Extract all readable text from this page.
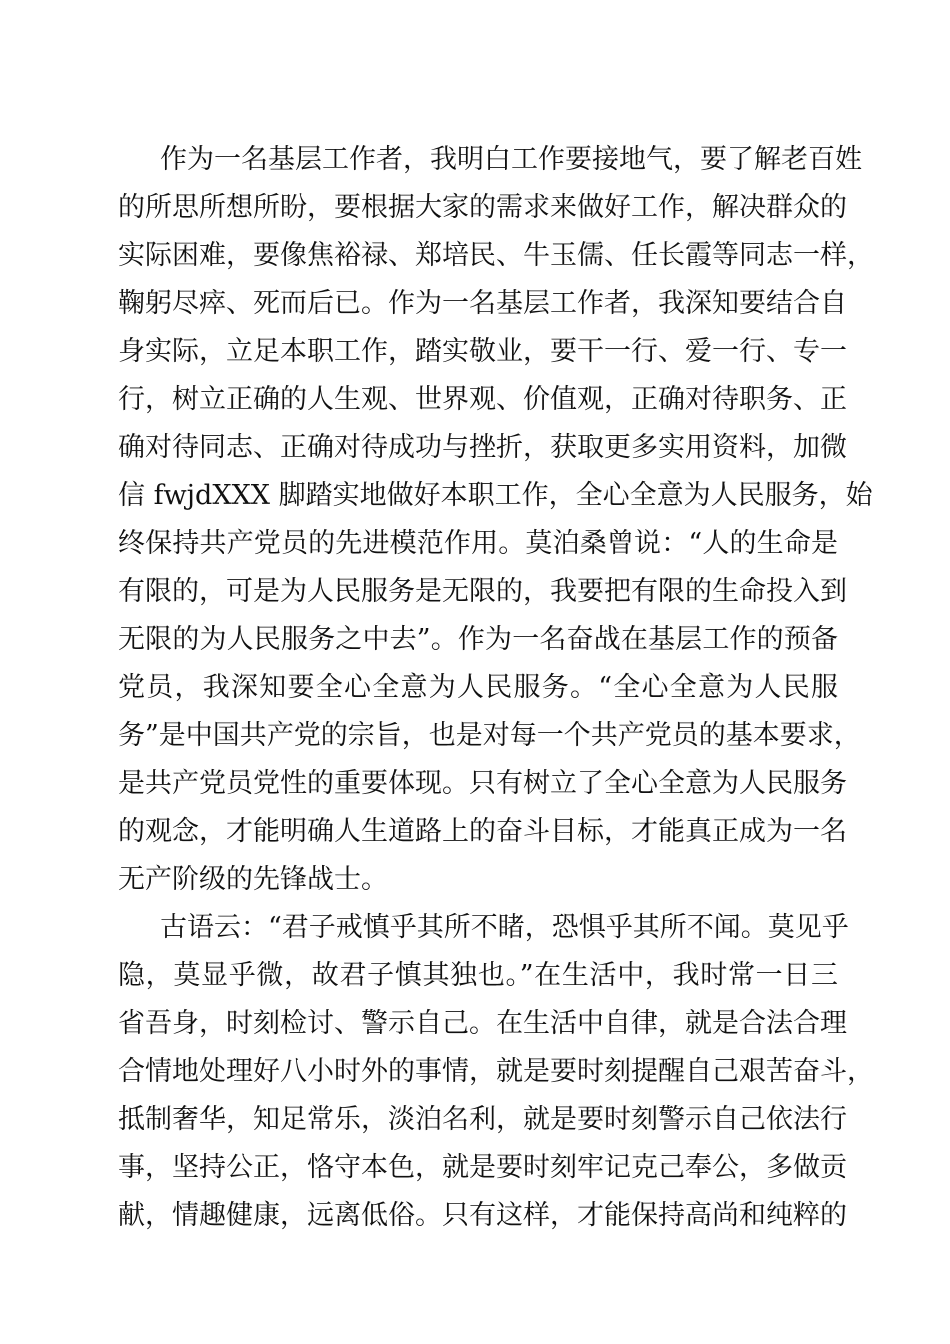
作为一名基层工作者，我明白工作要接地气，要了解老百姓
的所思所想所盼，要根据大家的需求来做好工作，解决群众的
实际困难，要像焦裕禄、郑培民、牛玉儒、任长霞等同志一样，
鞠躬尽瘁、死而后已。作为一名基层工作者，我深知要结合自
身实际，立足本职工作，踏实敬业，要干一行、爱一行、专一
行，树立正确的人生观、世界观、价值观，正确对待职务、正
确对待同志、正确对待成功与挫折，获取更多实用资料，加微
信 fwjdXXX 脚踏实地做好本职工作，全心全意为人民服务，始
终保持共产党员的先进模范作用。莫泊桑曾说：“人的生命是
有限的，可是为人民服务是无限的，我要把有限的生命投入到
无限的为人民服务之中去”。作为一名奋战在基层工作的预备
党员，我深知要全心全意为人民服务。“全心全意为人民服
务”是中国共产党的宗旨，也是对每一个共产党员的基本要求，
是共产党员党性的重要体现。只有树立了全心全意为人民服务
的观念，才能明确人生道路上的奋斗目标，才能真正成为一名
无产阶级的先锋战士。
古语云：“君子戒慎乎其所不睹，恐惧乎其所不闻。莫见乎
隐，莫显乎微，故君子慎其独也。”在生活中，我时常一日三
省吾身，时刻检讨、警示自己。在生活中自律，就是合法合理
合情地处理好八小时外的事情，就是要时刻提醒自己艰苦奋斗，
抵制奢华，知足常乐，淡泊名利，就是要时刻警示自己依法行
事，坚持公正，恪守本色，就是要时刻牢记克己奉公，多做贡
献，情趣健康，远离低俗。只有这样，才能保持高尚和纯粹的
